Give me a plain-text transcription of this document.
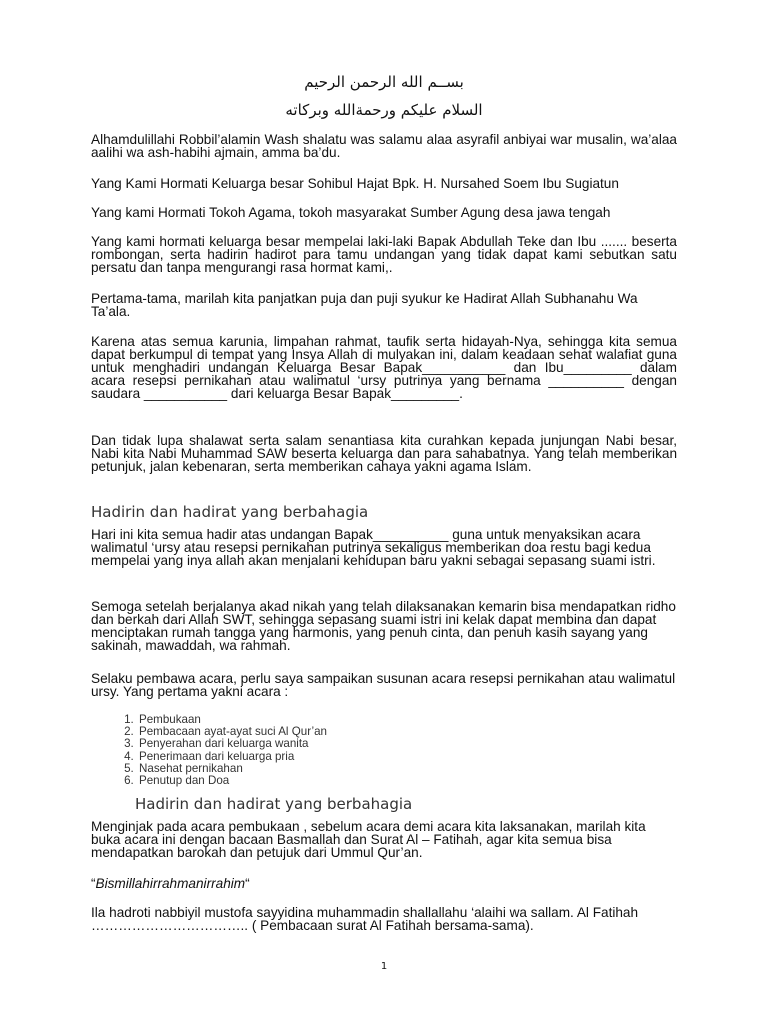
بســم الله الرحمن الرحيم
السلام عليكم ورحمةالله وبركاته

Alhamdulillahi Robbil’alamin Wash shalatu was salamu alaa asyrafil anbiyai war musalin, wa’alaa aalihi wa ash-habihi ajmain, amma ba’du.

Yang Kami Hormati Keluarga besar Sohibul Hajat Bpk. H. Nursahed Soem Ibu Sugiatun

Yang kami Hormati Tokoh Agama, tokoh masyarakat Sumber Agung desa jawa tengah

Yang kami hormati keluarga besar mempelai laki-laki Bapak Abdullah Teke dan Ibu ....... beserta rombongan, serta hadirin hadirot para tamu undangan yang tidak dapat kami sebutkan satu persatu dan tanpa mengurangi rasa hormat kami,.

Pertama-tama, marilah kita panjatkan puja dan puji syukur ke Hadirat Allah Subhanahu Wa Ta’ala.

Karena atas semua karunia, limpahan rahmat, taufik serta hidayah-Nya, sehingga kita semua dapat berkumpul di tempat yang Insya Allah di mulyakan ini, dalam keadaan sehat walafiat guna untuk menghadiri undangan Keluarga Besar Bapak___________ dan Ibu_________ dalam acara resepsi pernikahan atau walimatul ‘ursy putrinya yang bernama __________ dengan saudara ___________ dari keluarga Besar Bapak_________.

Dan tidak lupa shalawat serta salam senantiasa kita curahkan kepada junjungan Nabi besar, Nabi kita Nabi Muhammad SAW beserta keluarga dan para sahabatnya. Yang telah memberikan petunjuk, jalan kebenaran, serta memberikan cahaya yakni agama Islam.

Hadirin dan hadirat yang berbahagia

Hari ini kita semua hadir atas undangan Bapak__________ guna untuk menyaksikan acara walimatul ‘ursy atau resepsi pernikahan putrinya sekaligus memberikan doa restu bagi kedua mempelai yang inya allah akan menjalani kehidupan baru yakni sebagai sepasang suami istri.

Semoga setelah berjalanya akad nikah yang telah dilaksanakan kemarin bisa mendapatkan ridho dan berkah dari Allah SWT, sehingga sepasang suami istri ini kelak dapat membina dan dapat menciptakan rumah tangga yang harmonis, yang penuh cinta, dan penuh kasih sayang yang sakinah, mawaddah, wa rahmah.

Selaku pembawa acara, perlu saya sampaikan susunan acara resepsi pernikahan atau walimatul ursy. Yang pertama yakni acara :

1. Pembukaan
2. Pembacaan ayat-ayat suci Al Qur’an
3. Penyerahan dari keluarga wanita
4. Penerimaan dari keluarga pria
5. Nasehat pernikahan
6. Penutup dan Doa
Hadirin dan hadirat yang berbahagia

Menginjak pada acara pembukaan , sebelum acara demi acara kita laksanakan, marilah kita buka acara ini dengan bacaan Basmallah dan Surat Al – Fatihah, agar kita semua bisa mendapatkan barokah dan petujuk dari Ummul Qur’an.

“Bismillahirrahmanirrahim“

Ila hadroti nabbiyil mustofa sayyidina muhammadin shallallahu ‘alaihi wa sallam. Al Fatihah …………………………….. ( Pembacaan surat Al Fatihah bersama-sama).

1
